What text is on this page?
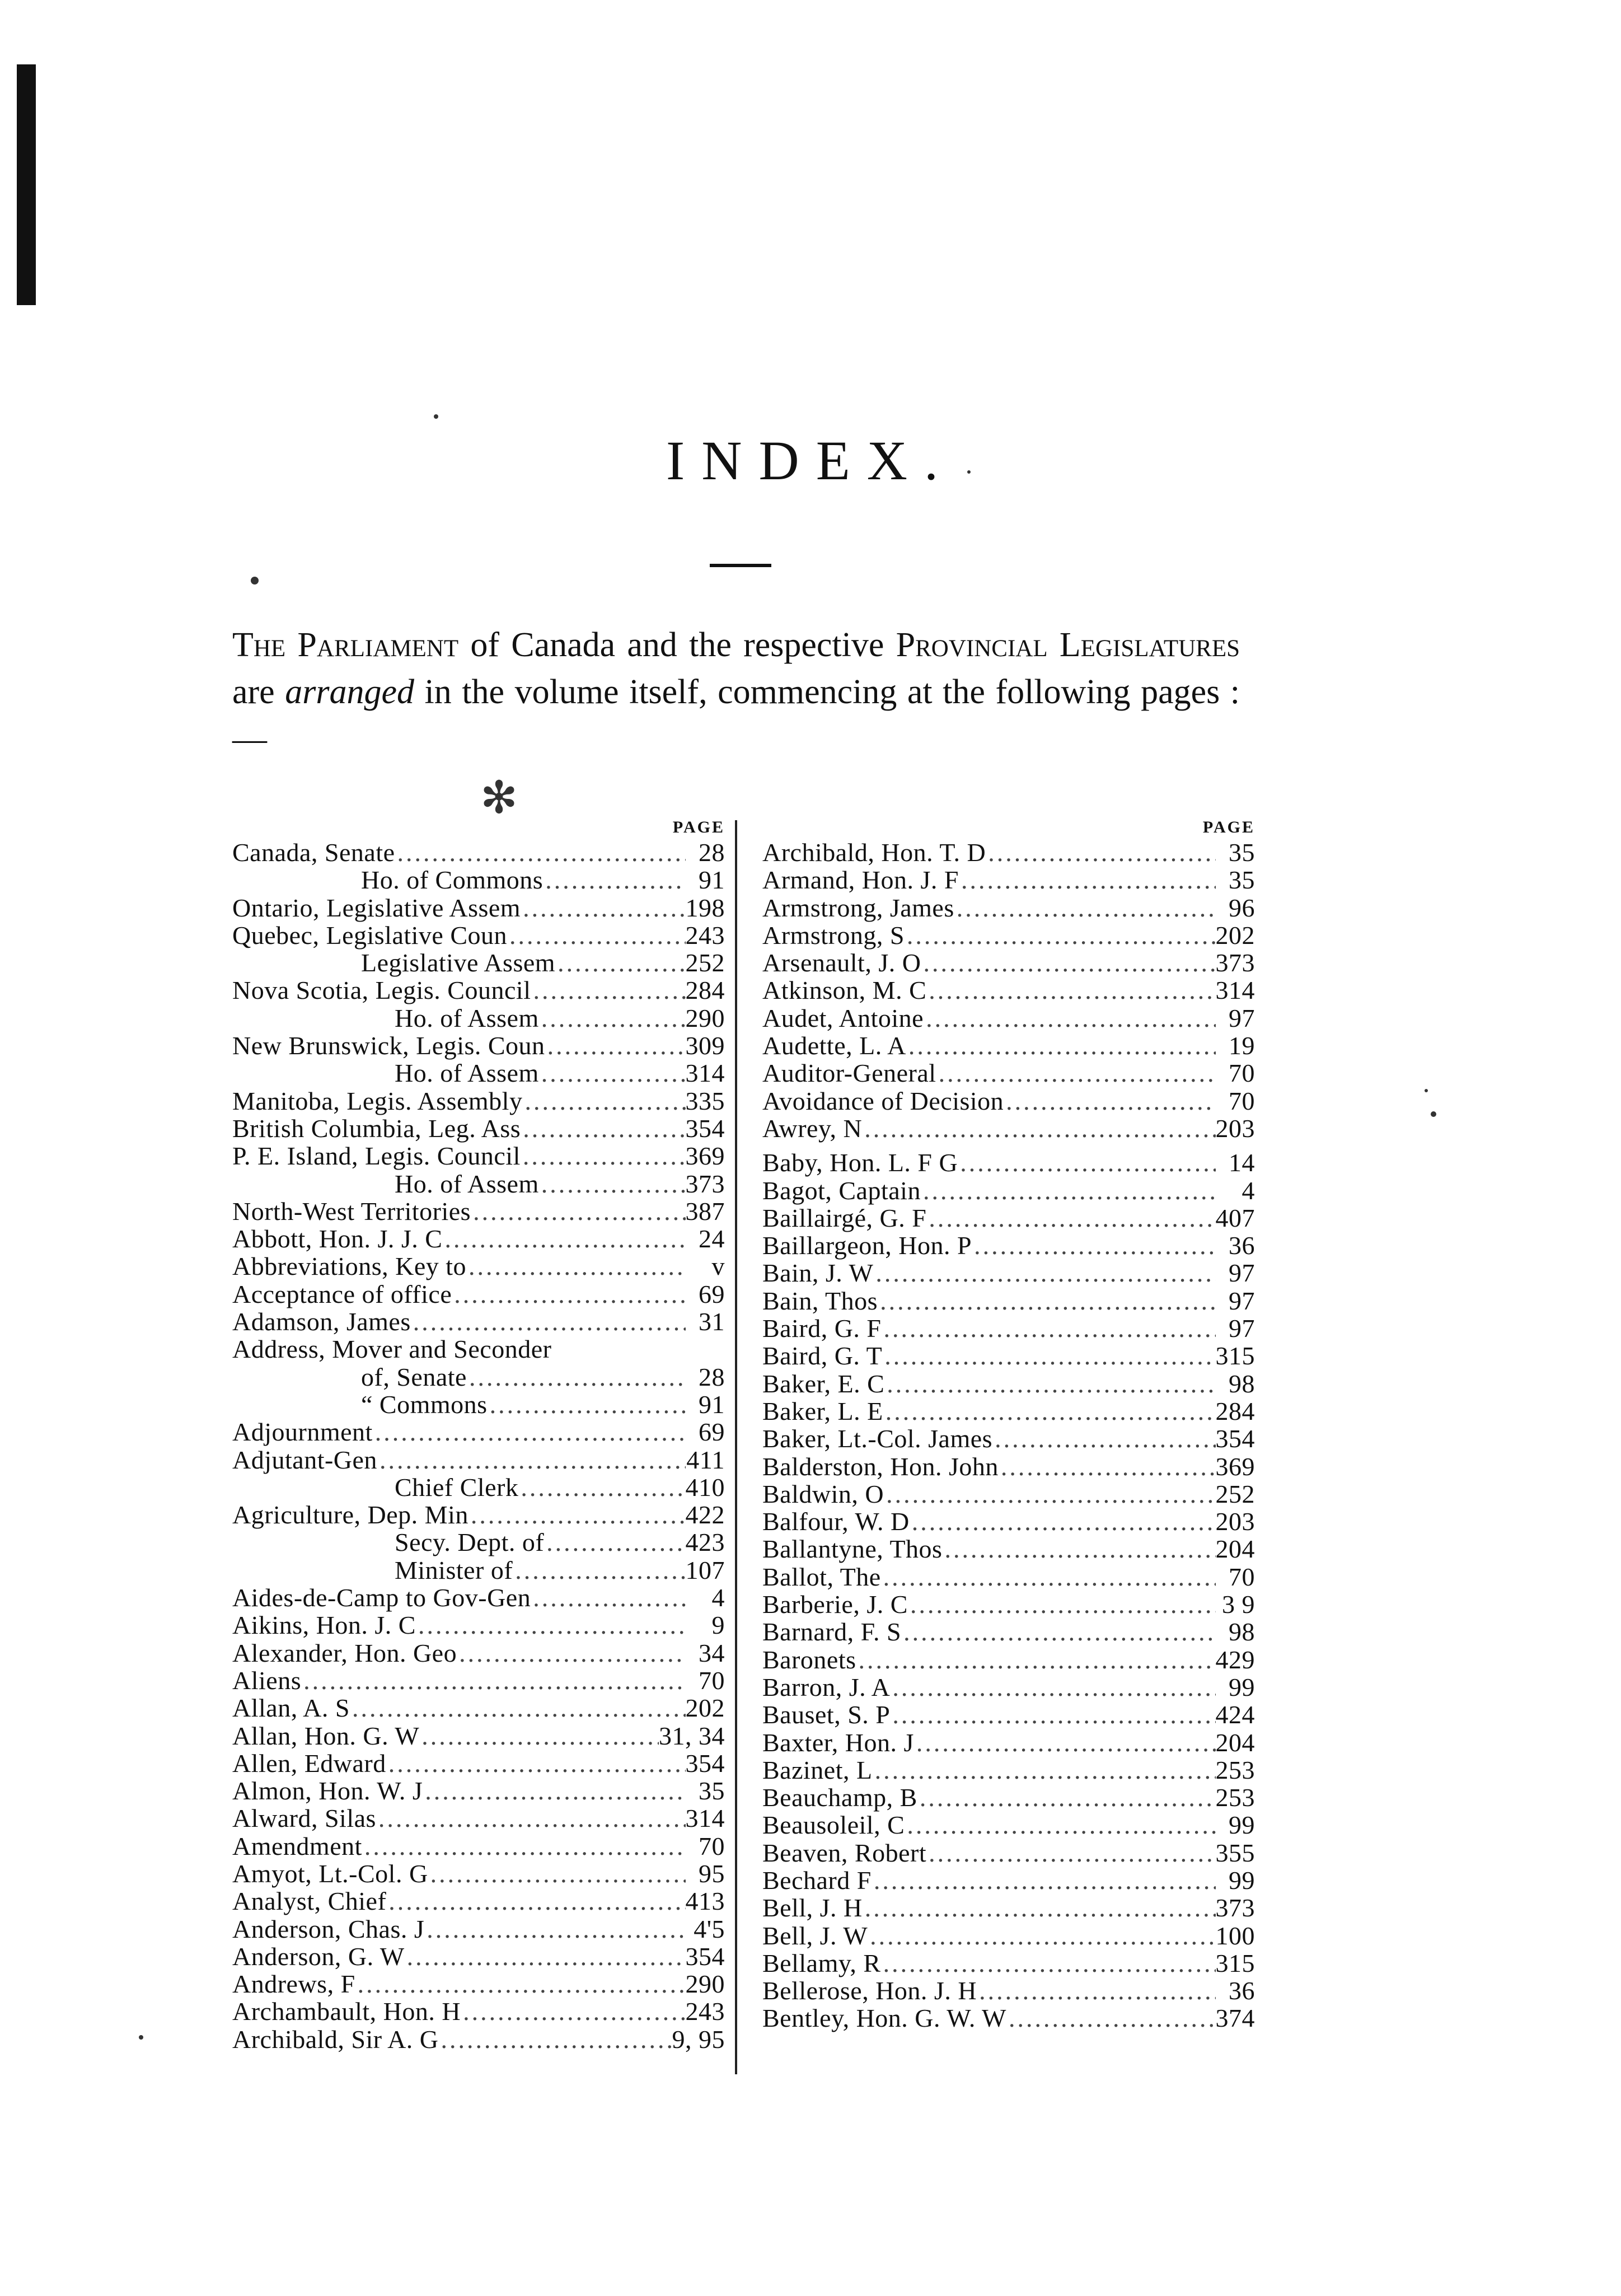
INDEX.

The Parliament of Canada and the respective Provincial Legislatures are arranged in the volume itself, commencing at the following pages : —

✻
PAGE
Canada, Senate .....	28
Ho. of Commons .....	91
Ontario, Legislative Assem .....	198
Quebec, Legislative Coun .....	243
Legislative Assem .....	252
Nova Scotia, Legis. Council .....	284
Ho. of Assem .....	290
New Brunswick, Legis. Coun .....	309
Ho. of Assem .....	314
Manitoba, Legis. Assembly .....	335
British Columbia, Leg. Ass .....	354
P. E. Island, Legis. Council .....	369
Ho. of Assem .....	373
North-West Territories .....	387
Abbott, Hon. J. J. C .....	24
Abbreviations, Key to .....	v
Acceptance of office .....	69
Adamson, James .....	31
Address, Mover and Seconder
of, Senate .....	28
“ Commons .....	91
Adjournment .....	69
Adjutant-Gen .....	411
Chief Clerk .....	410
Agriculture, Dep. Min .....	422
Secy. Dept. of .....	423
Minister of .....	107
Aides-de-Camp to Gov-Gen .....	4
Aikins, Hon. J. C .....	9
Alexander, Hon. Geo .....	34
Aliens .....	70
Allan, A. S .....	202
Allan, Hon. G. W .....	31, 34
Allen, Edward .....	354
Almon, Hon. W. J .....	35
Alward, Silas .....	314
Amendment .....	70
Amyot, Lt.-Col. G .....	95
Analyst, Chief .....	413
Anderson, Chas. J .....	4'5
Anderson, G. W .....	354
Andrews, F .....	290
Archambault, Hon. H .....	243
Archibald, Sir A. G .....	9, 95
PAGE
Archibald, Hon. T. D .....	35
Armand, Hon. J. F .....	35
Armstrong, James .....	96
Armstrong, S .....	202
Arsenault, J. O .....	373
Atkinson, M. C .....	314
Audet, Antoine .....	97
Audette, L. A .....	19
Auditor-General .....	70
Avoidance of Decision .....	70
Awrey, N .....	203
Baby, Hon. L. F G .....	14
Bagot, Captain .....	4
Baillairgé, G. F .....	407
Baillargeon, Hon. P .....	36
Bain, J. W .....	97
Bain, Thos .....	97
Baird, G. F .....	97
Baird, G. T .....	315
Baker, E. C .....	98
Baker, L. E .....	284
Baker, Lt.-Col. James .....	354
Balderston, Hon. John .....	369
Baldwin, O .....	252
Balfour, W. D .....	203
Ballantyne, Thos .....	204
Ballot, The .....	70
Barberie, J. C .....	3 9
Barnard, F. S .....	98
Baronets .....	429
Barron, J. A .....	99
Bauset, S. P .....	424
Baxter, Hon. J .....	204
Bazinet, L .....	253
Beauchamp, B .....	253
Beausoleil, C .....	99
Beaven, Robert .....	355
Bechard F .....	99
Bell, J. H .....	373
Bell, J. W .....	100
Bellamy, R .....	315
Bellerose, Hon. J. H .....	36
Bentley, Hon. G. W. W .....	374
